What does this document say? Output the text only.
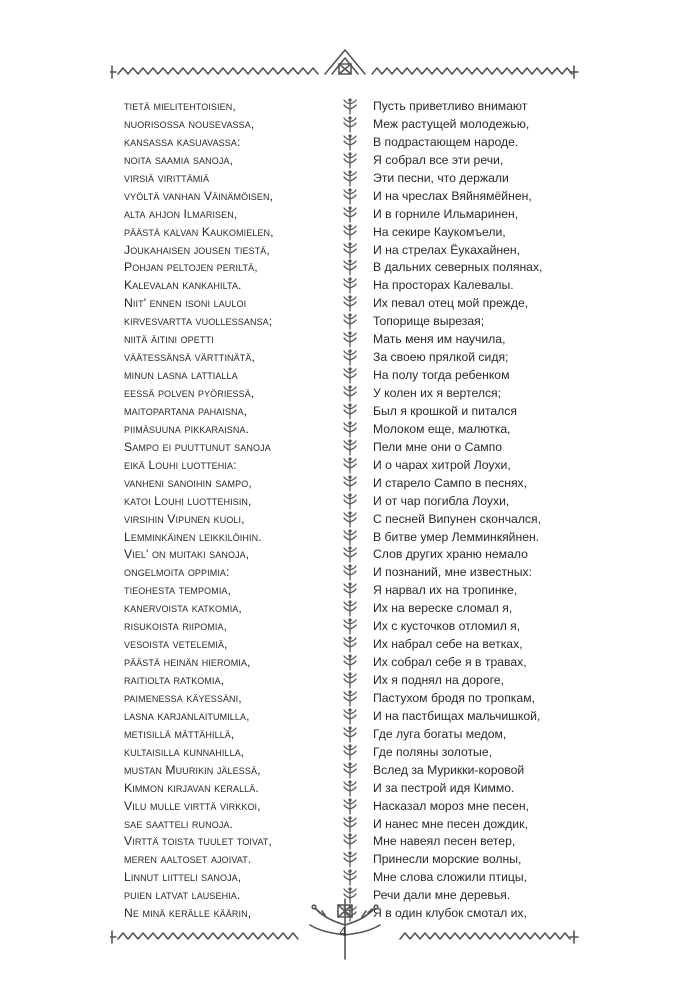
tietä mielitehtoisien,
nuorisossa nousevassa,
kansassa kasuavassa:
noita saamia sanoja,
virsiä virittämiä
vyöltä vanhan Väinämöisen,
alta ahjon Ilmarisen,
päästä kalvan Kaukomielen,
Joukahaisen jousen tiestä,
Pohjan peltojen periltä,
Kalevalan kankahilta.
Niit' ennen isoni lauloi
kirvesvartta vuollessansa;
niitä äitini opetti
väätessänsä värttinätä,
minun lasna lattialla
eessä polven pyöriessä,
maitopartana pahaisna,
piimäsuuna pikkaraisna.
Sampo ei puuttunut sanoja
eikä Louhi luottehia:
vanheni sanoihin sampo,
katoi Louhi luottehisin,
virsihin Vipunen kuoli,
Lemminkäinen leikkilöihin.
Viel' on muitaki sanoja,
ongelmoita oppimia:
tieohesta tempomia,
kanervoista katkomia,
risukoista riipomia,
vesoista vetelemiä,
päästä heinän hieromia,
raitiolta ratkomia,
paimenessa käyessäni,
lasna karjanlaitumilla,
metisillä mättähillä,
kultaisilla kunnahilla,
mustan Muurikin jälessä,
Kimmon kirjavan kerallä.
Vilu mulle virttä virkkoi,
sae saatteli runoja.
Virttä toista tuulet toivat,
meren aaltoset ajoivat.
Linnut liitteli sanoja,
puien latvat lausehia.
Ne minä kerälle käärin,
Пусть приветливо внимают
Меж растущей молодежью,
В подрастающем народе.
Я собрал все эти речи,
Эти песни, что держали
И на чреслах Вяйнямёйнен,
И в горниле Ильмаринен,
На секире Каукомъели,
И на стрелах Ёукахайнен,
В дальних северных полянах,
На просторах Калевалы.
Их певал отец мой прежде,
Топорище вырезая;
Мать меня им научила,
За своею прялкой сидя;
На полу тогда ребенком
У колен их я вертелся;
Был я крошкой и питался
Молоком еще, малютка,
Пели мне они о Сампо
И о чарах хитрой Лоухи,
И старело Сампо в песнях,
И от чар погибла Лоухи,
С песней Випунен скончался,
В битве умер Лемминкяйнен.
Слов других храню немало
И познаний, мне известных:
Я нарвал их на тропинке,
Их на вереске сломал я,
Их с кусточков отломил я,
Их набрал себе на ветках,
Их собрал себе я в травах,
Их я поднял на дороге,
Пастухом бродя по тропкам,
И на пастбищах мальчишкой,
Где луга богаты медом,
Где поляны золотые,
Вслед за Мурикки-коровой
И за пестрой идя Киммо.
Насказал мороз мне песен,
И нанес мне песен дождик,
Мне навеял песен ветер,
Принесли морские волны,
Мне слова сложили птицы,
Речи дали мне деревья.
Я в один клубок смотал их,
4
